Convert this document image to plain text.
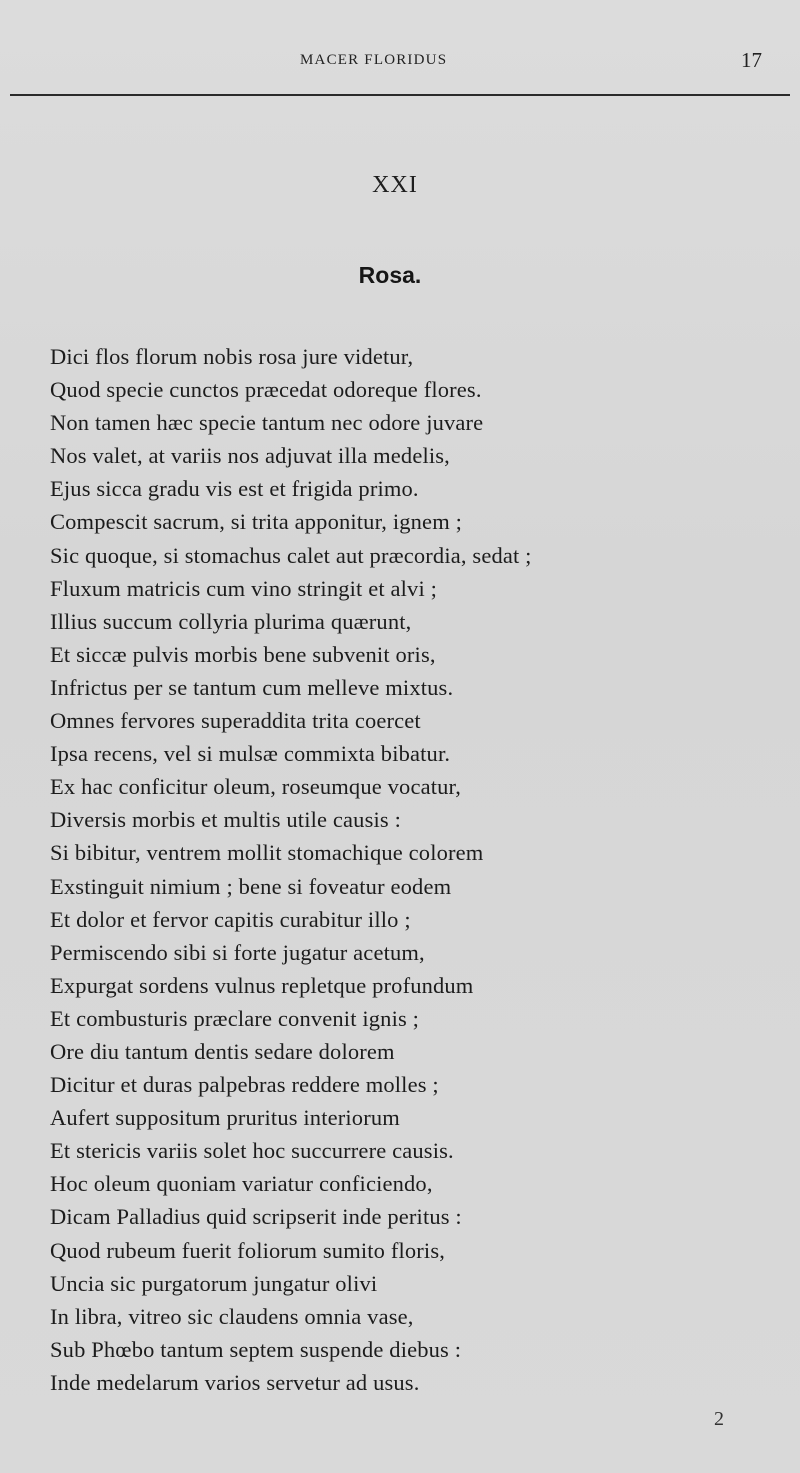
MACER FLORIDUS	17
XXI
Rosa.
Dici flos florum nobis rosa jure videtur,
Quod specie cunctos præcedat odoreque flores.
Non tamen hæc specie tantum nec odore juvare
Nos valet, at variis nos adjuvat illa medelis,
Ejus sicca gradu vis est et frigida primo.
Compescit sacrum, si trita apponitur, ignem ;
Sic quoque, si stomachus calet aut præcordia, sedat ;
Fluxum matricis cum vino stringit et alvi ;
Illius succum collyria plurima quærunt,
Et siccæ pulvis morbis bene subvenit oris,
Infrictus per se tantum cum melleve mixtus.
Omnes fervores superaddita trita coercet
Ipsa recens, vel si mulsæ commixta bibatur.
Ex hac conficitur oleum, roseumque vocatur,
Diversis morbis et multis utile causis :
Si bibitur, ventrem mollit stomachique colorem
Exstinguit nimium ; bene si foveatur eodem
Et dolor et fervor capitis curabitur illo ;
Permiscendo sibi si forte jugatur acetum,
Expurgat sordens vulnus repletque profundum
Et combusturis præclare convenit ignis ;
Ore diu tantum dentis sedare dolorem
Dicitur et duras palpebras reddere molles ;
Aufert suppositum pruritus interiorum
Et stericis variis solet hoc succurrere causis.
Hoc oleum quoniam variatur conficiendo,
Dicam Palladius quid scripserit inde peritus :
Quod rubeum fuerit foliorum sumito floris,
Uncia sic purgatorum jungatur olivi
In libra, vitreo sic claudens omnia vase,
Sub Phœbo tantum septem suspende diebus :
Inde medelarum varios servetur ad usus.
2
